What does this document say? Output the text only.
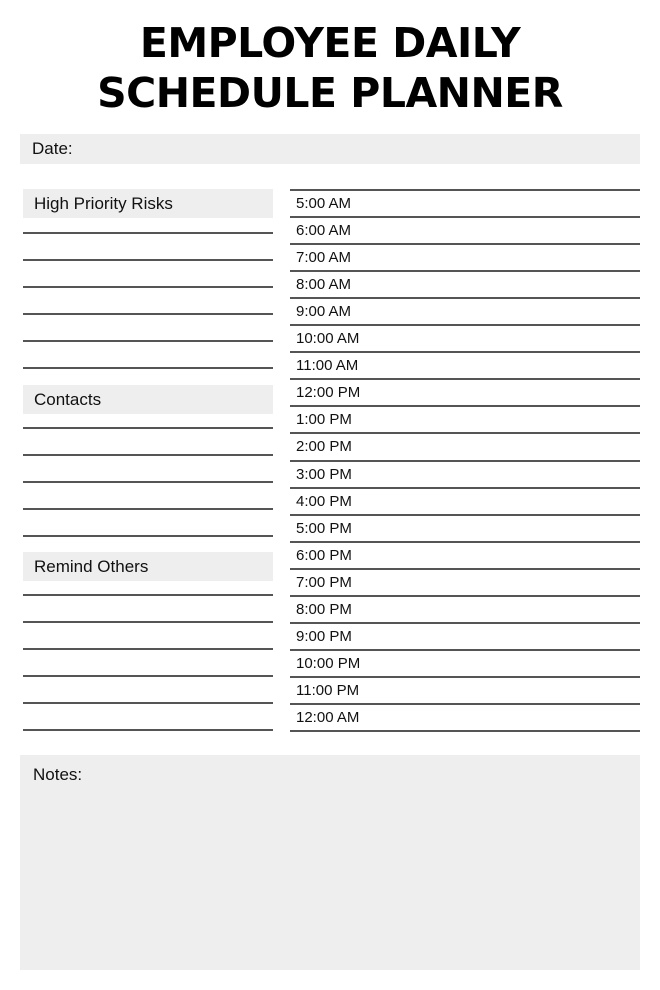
EMPLOYEE DAILY
SCHEDULE PLANNER
Date:
High Priority Risks
Contacts
Remind Others
5:00 AM
6:00 AM
7:00 AM
8:00 AM
9:00 AM
10:00 AM
11:00 AM
12:00 PM
1:00 PM
2:00 PM
3:00 PM
4:00 PM
5:00 PM
6:00 PM
7:00 PM
8:00 PM
9:00 PM
10:00 PM
11:00 PM
12:00 AM
Notes:
